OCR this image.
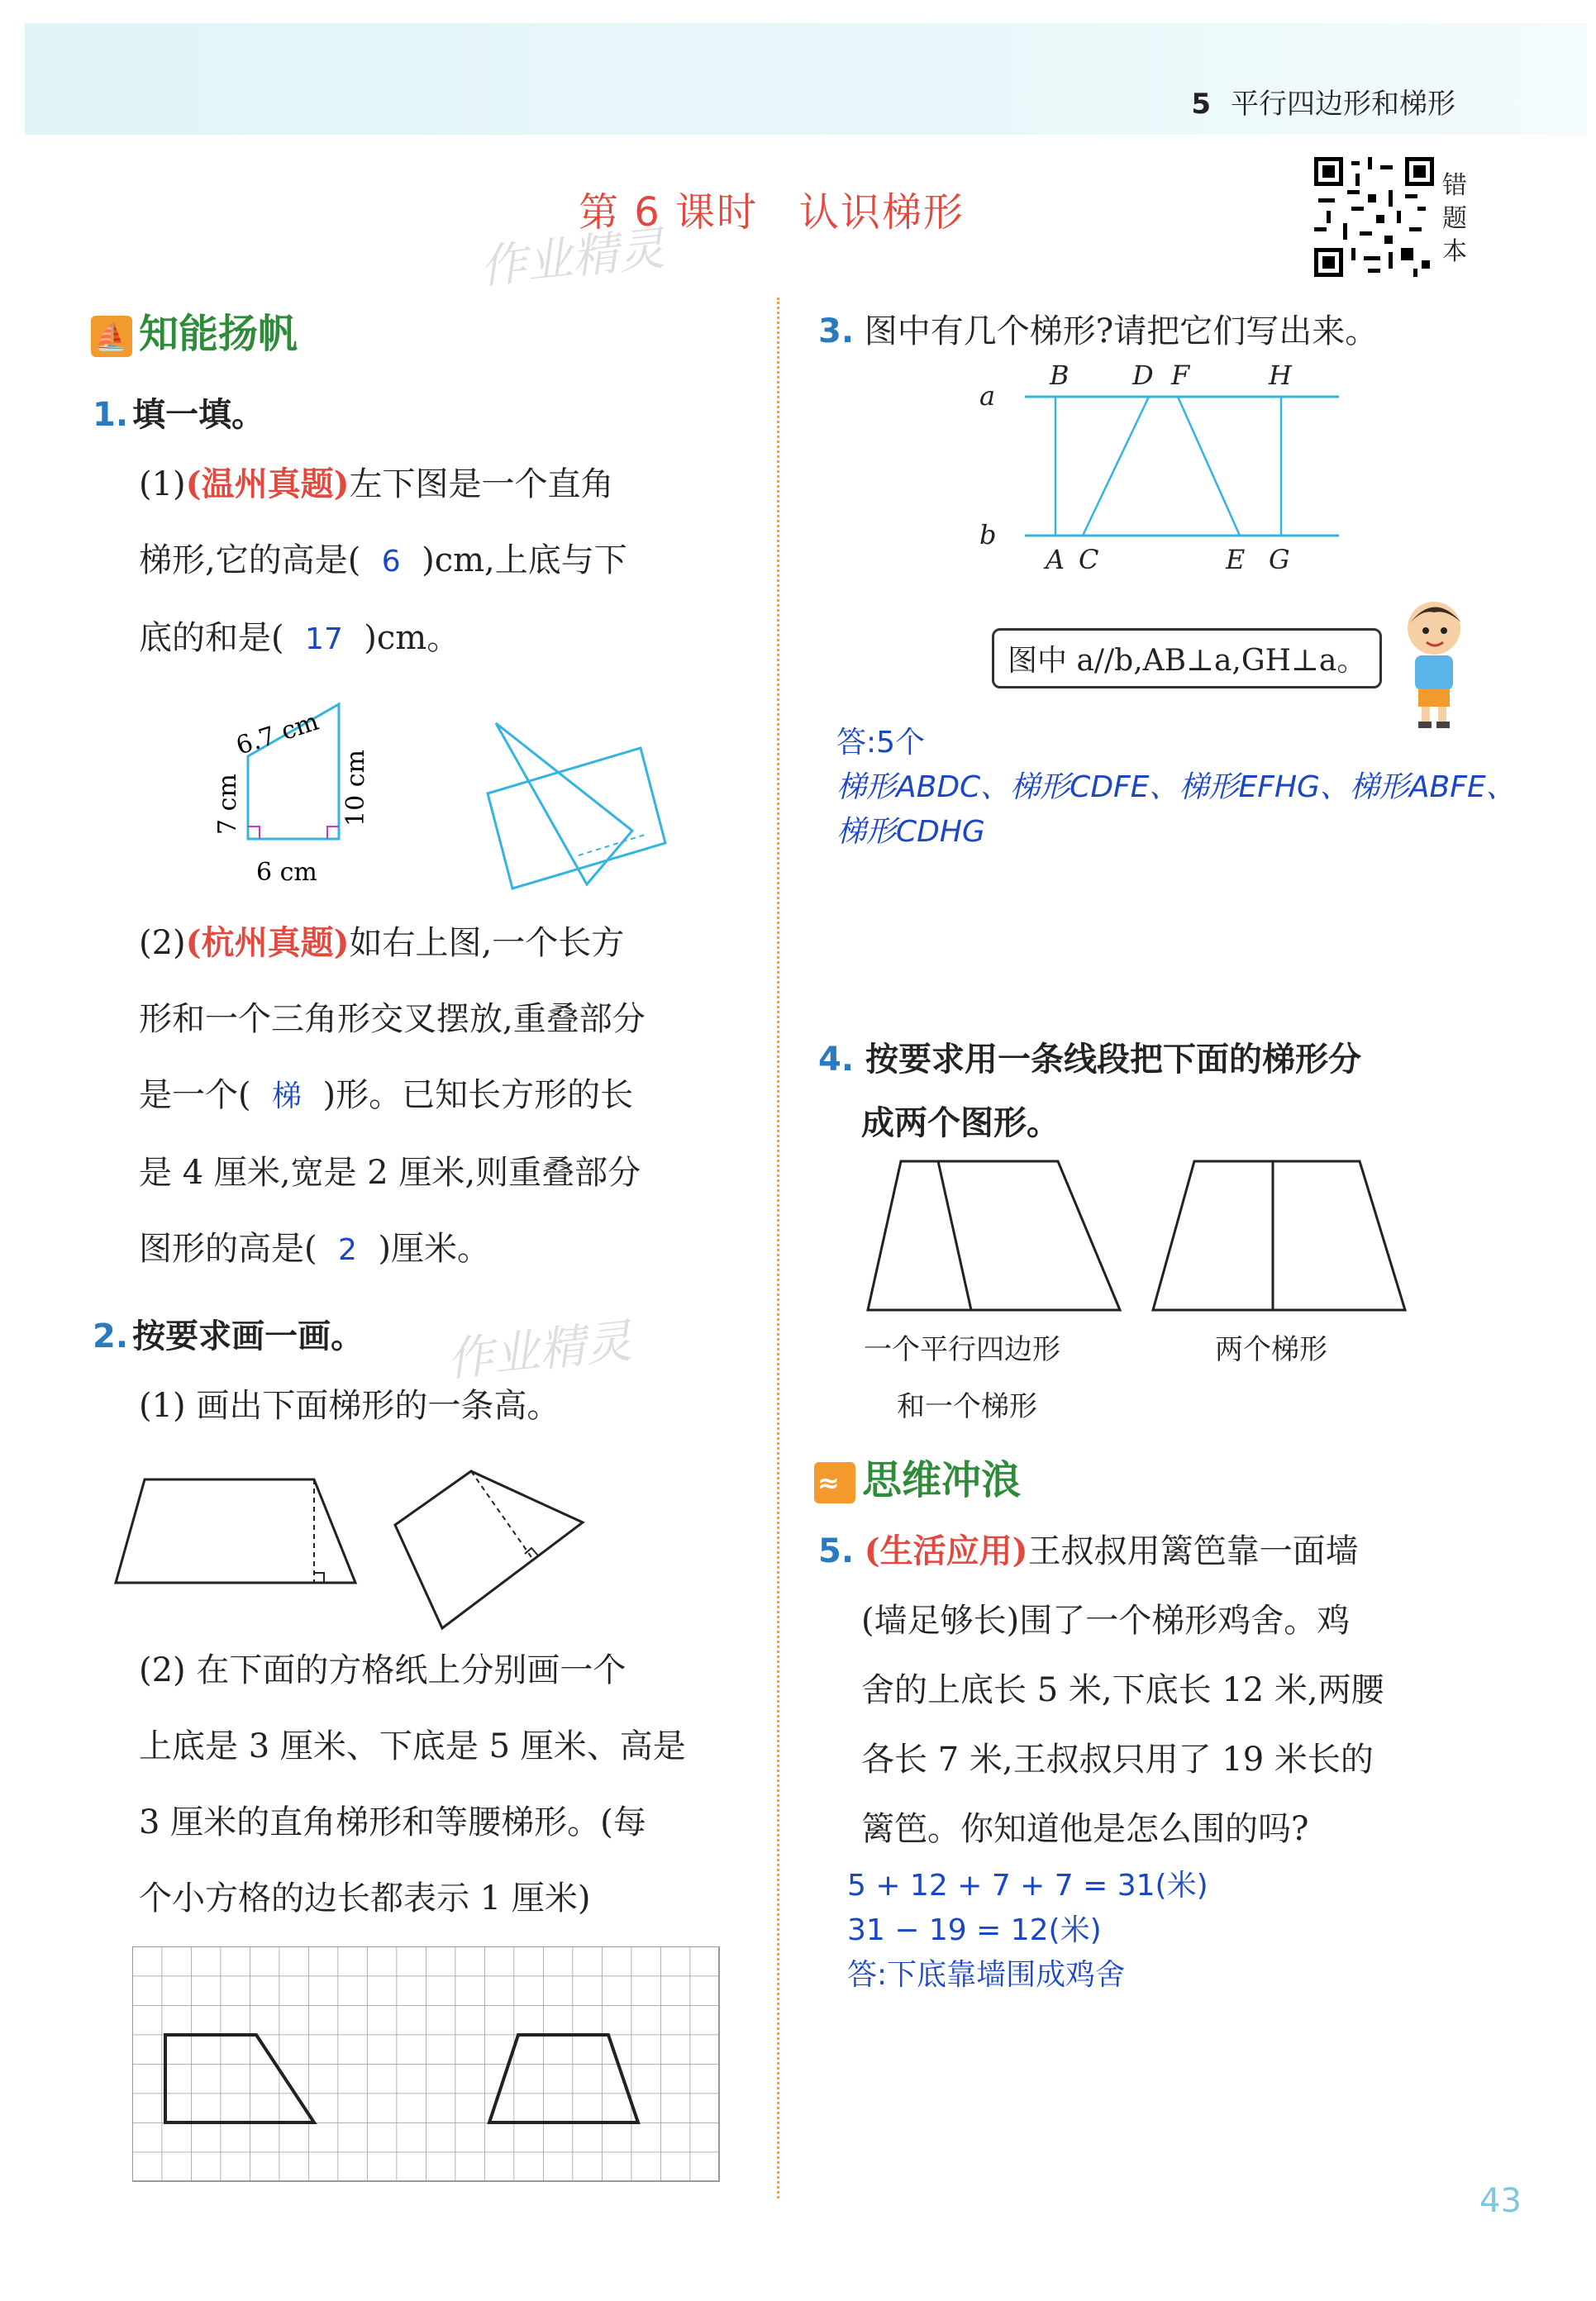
5 平行四边形和梯形
第 6 课时　认识梯形
作业精灵
错题本
⛵ 知能扬帆
1. 填一填。
(1)(温州真题)左下图是一个直角
梯形,它的高是( 6 )cm,上底与下
底的和是( 17 )cm。
6.7 cm
7 cm	10 cm
6 cm
(2)(杭州真题)如右上图,一个长方
形和一个三角形交叉摆放,重叠部分
是一个( 梯 )形。已知长方形的长
是 4 厘米,宽是 2 厘米,则重叠部分
图形的高是( 2 )厘米。
2. 按要求画一画。 作业精灵
(1) 画出下面梯形的一条高。
(2) 在下面的方格纸上分别画一个
上底是 3 厘米、下底是 5 厘米、高是
3 厘米的直角梯形和等腰梯形。(每
个小方格的边长都表示 1 厘米)
3. 图中有几个梯形?请把它们写出来。
a
b
B D F	H
A C	E G
图中 a//b,AB⊥a,GH⊥a。
答:5个
梯形ABDC、梯形CDFE、梯形EFHG、梯形ABFE、
梯形CDHG
4. 按要求用一条线段把下面的梯形分
成两个图形。
一个平行四边形
和一个梯形
两个梯形
≈ 思维冲浪
5. (生活应用)王叔叔用篱笆靠一面墙
(墙足够长)围了一个梯形鸡舍。鸡
舍的上底长 5 米,下底长 12 米,两腰
各长 7 米,王叔叔只用了 19 米长的
篱笆。你知道他是怎么围的吗?
5 + 12 + 7 + 7 = 31(米)
31 − 19 = 12(米)
答:下底靠墙围成鸡舍
43
